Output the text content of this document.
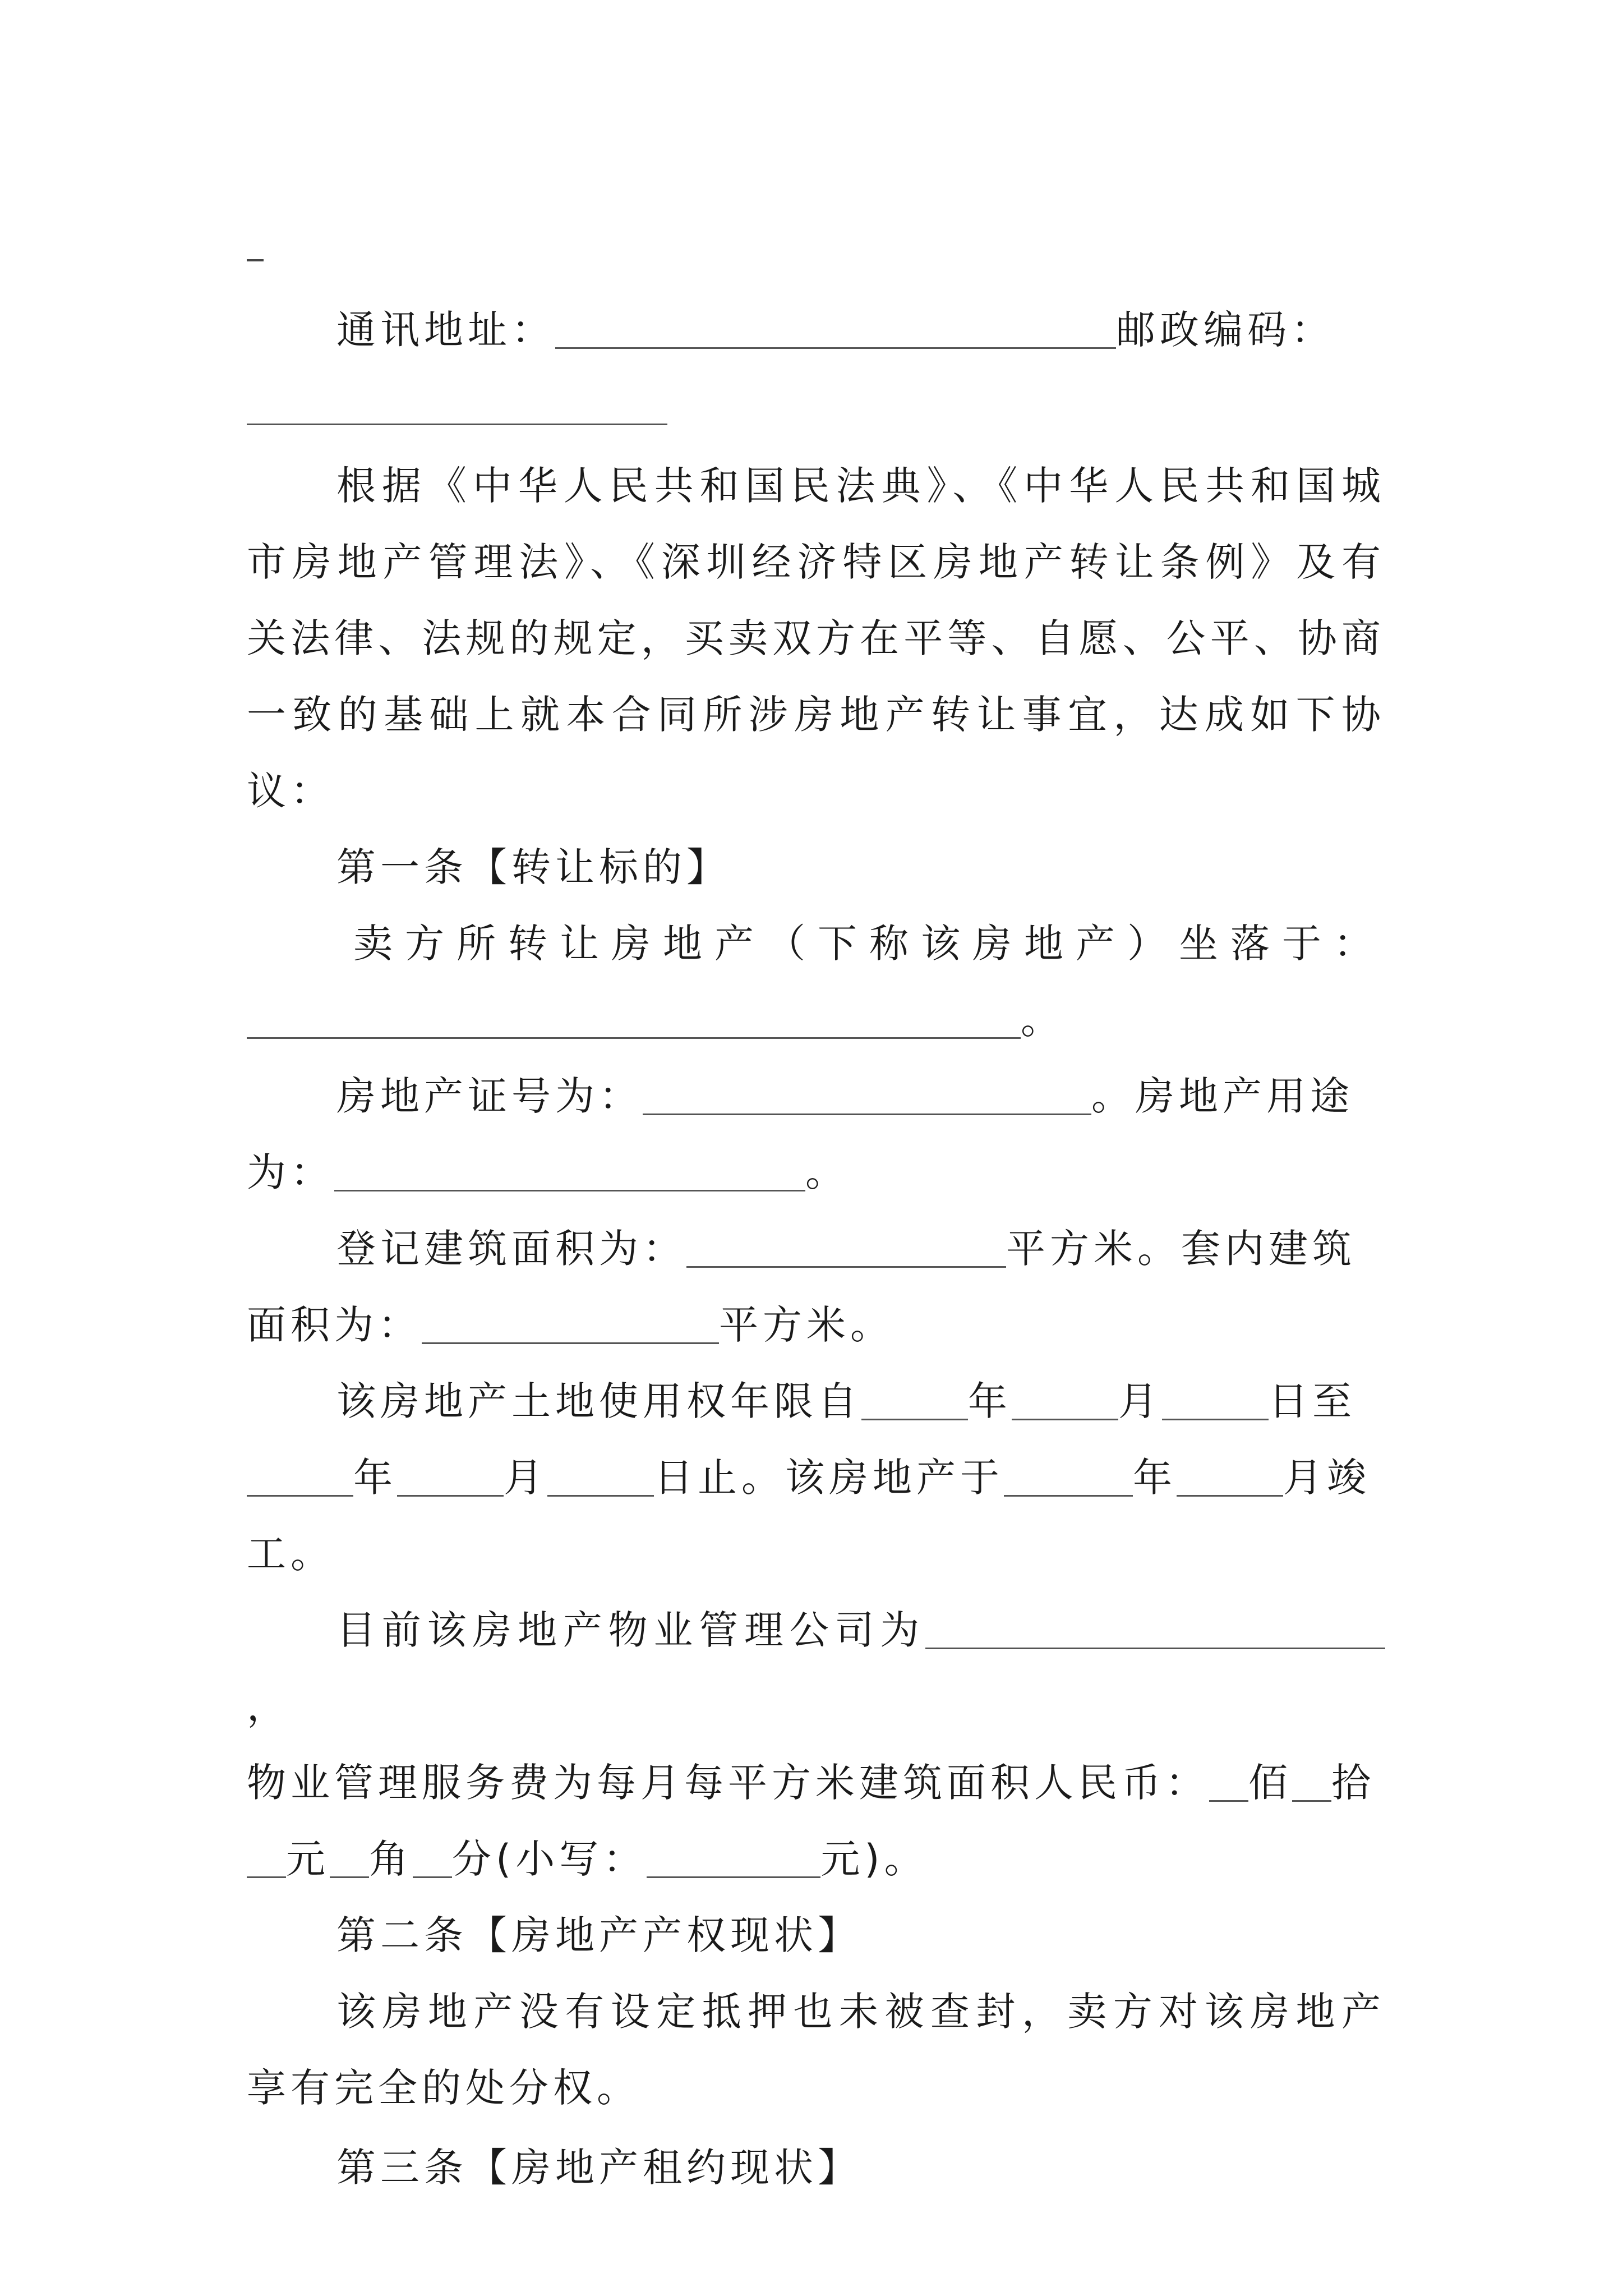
通讯地址：	邮政编码：

根据《中华人民共和国民法典》、《中华人民共和国城市房地产管理法》、《深圳经济特区房地产转让条例》及有关法律、法规的规定，买卖双方在平等、自愿、公平、协商一致的基础上就本合同所涉房地产转让事宜，达成如下协议：

第一条【转让标的】

卖方所转让房地产（下称该房地产）坐落于：

。

房地产证号为：	。房地产用途

为：	。

登记建筑面积为：	平方米。套内建筑

面积为：	平方米。

该房地产土地使用权年限自	年	月	日至

年	月	日止。该房地产于	年	月竣

工。

目前该房地产物业管理公司为，

物业管理服务费为每月每平方米建筑面积人民币： 佰 拾

元 角 分(小写：	元)。

第二条【房地产产权现状】

该房地产没有设定抵押也未被查封，卖方对该房地产享有完全的处分权。

第三条【房地产租约现状】
